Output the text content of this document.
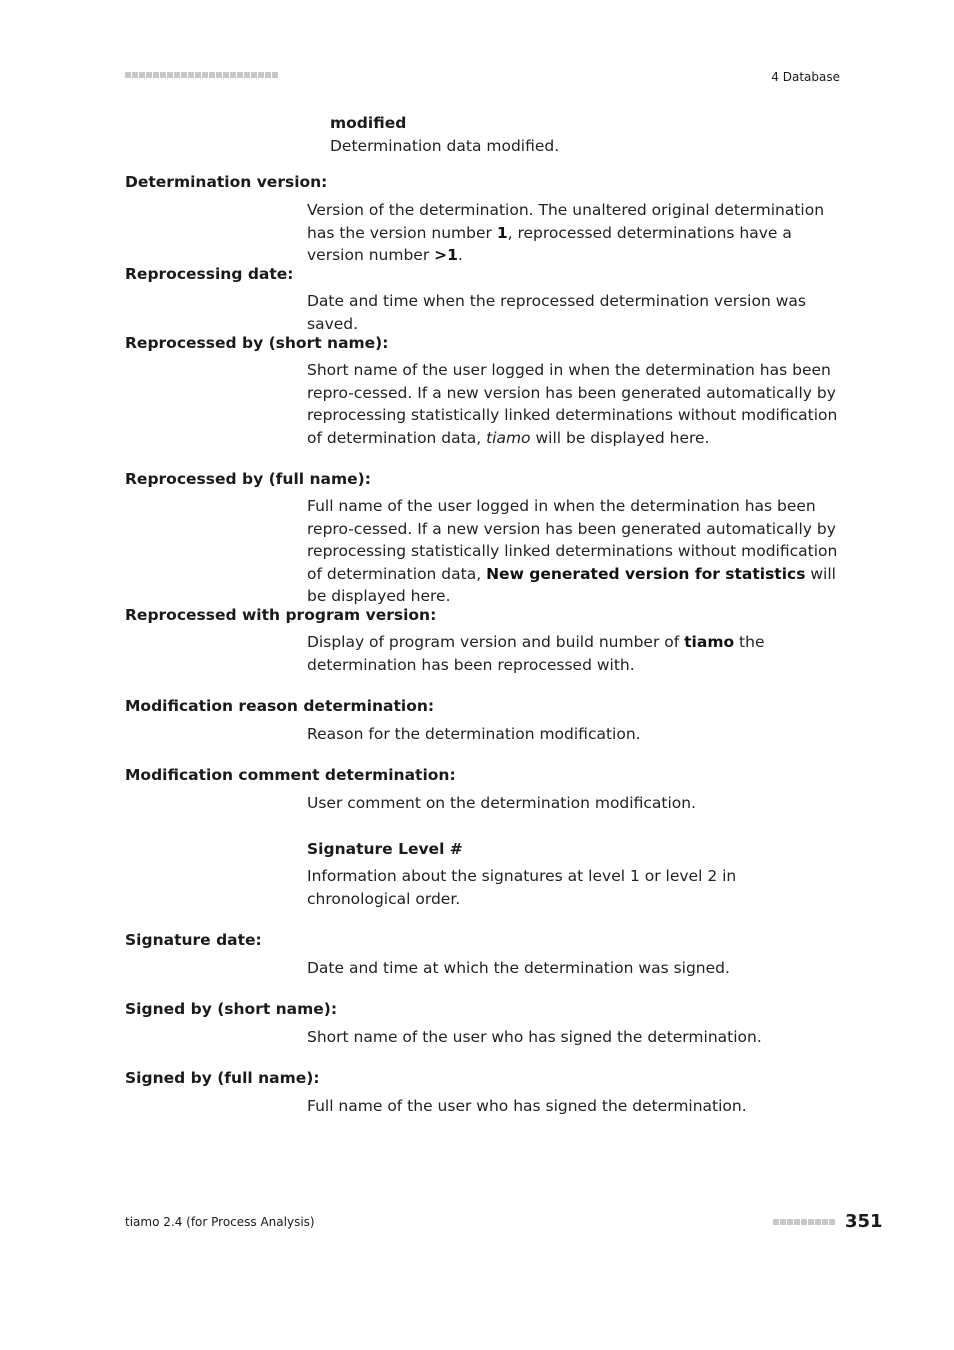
4 Database
modified
Determination data modified.
Determination version:
Version of the determination. The unaltered original determination has the version number 1, reprocessed determinations have a version number >1.
Reprocessing date:
Date and time when the reprocessed determination version was saved.
Reprocessed by (short name):
Short name of the user logged in when the determination has been repro-cessed. If a new version has been generated automatically by reprocessing statistically linked determinations without modification of determination data, tiamo will be displayed here.
Reprocessed by (full name):
Full name of the user logged in when the determination has been repro-cessed. If a new version has been generated automatically by reprocessing statistically linked determinations without modification of determination data, New generated version for statistics will be displayed here.
Reprocessed with program version:
Display of program version and build number of tiamo the determination has been reprocessed with.
Modification reason determination:
Reason for the determination modification.
Modification comment determination:
User comment on the determination modification.
Signature Level #
Information about the signatures at level 1 or level 2 in chronological order.
Signature date:
Date and time at which the determination was signed.
Signed by (short name):
Short name of the user who has signed the determination.
Signed by (full name):
Full name of the user who has signed the determination.
tiamo 2.4 (for Process Analysis)	351
